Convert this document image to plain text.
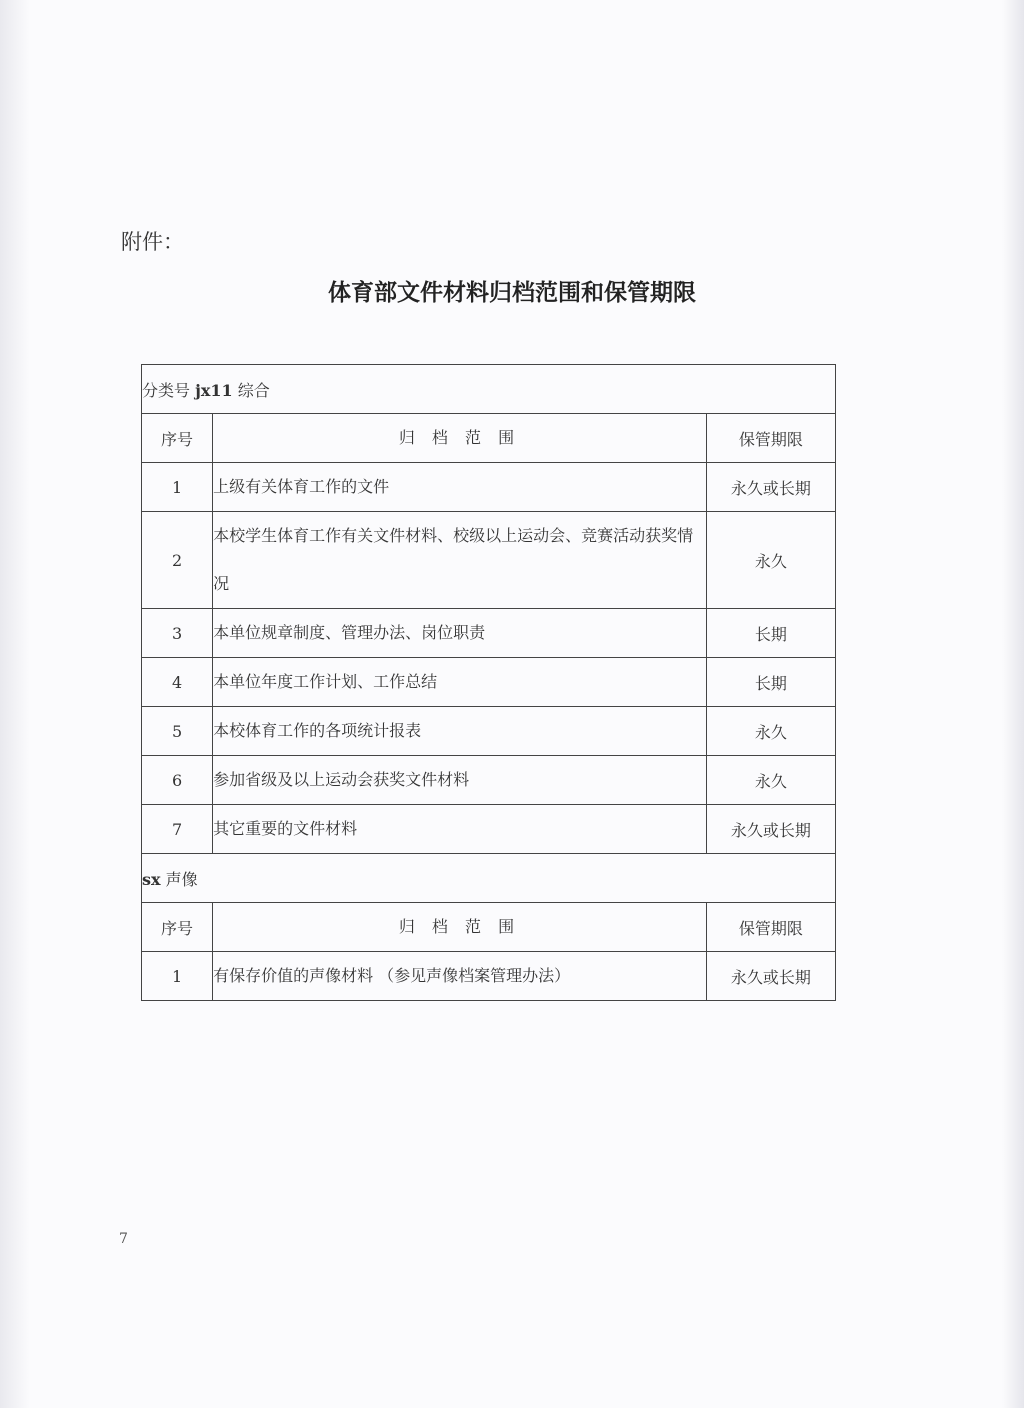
附件：
体育部文件材料归档范围和保管期限
分类号 jx11 综合		
序号	归 档 范 围	保管期限
1	上级有关体育工作的文件	永久或长期
2	本校学生体育工作有关文件材料、校级以上运动会、竞赛活动获奖情况	永久
3	本单位规章制度、管理办法、岗位职责	长期
4	本单位年度工作计划、工作总结	长期
5	本校体育工作的各项统计报表	永久
6	参加省级及以上运动会获奖文件材料	永久
7	其它重要的文件材料	永久或长期
sx 声像		
序号	归 档 范 围	保管期限
1	有保存价值的声像材料 （参见声像档案管理办法）	永久或长期
7
